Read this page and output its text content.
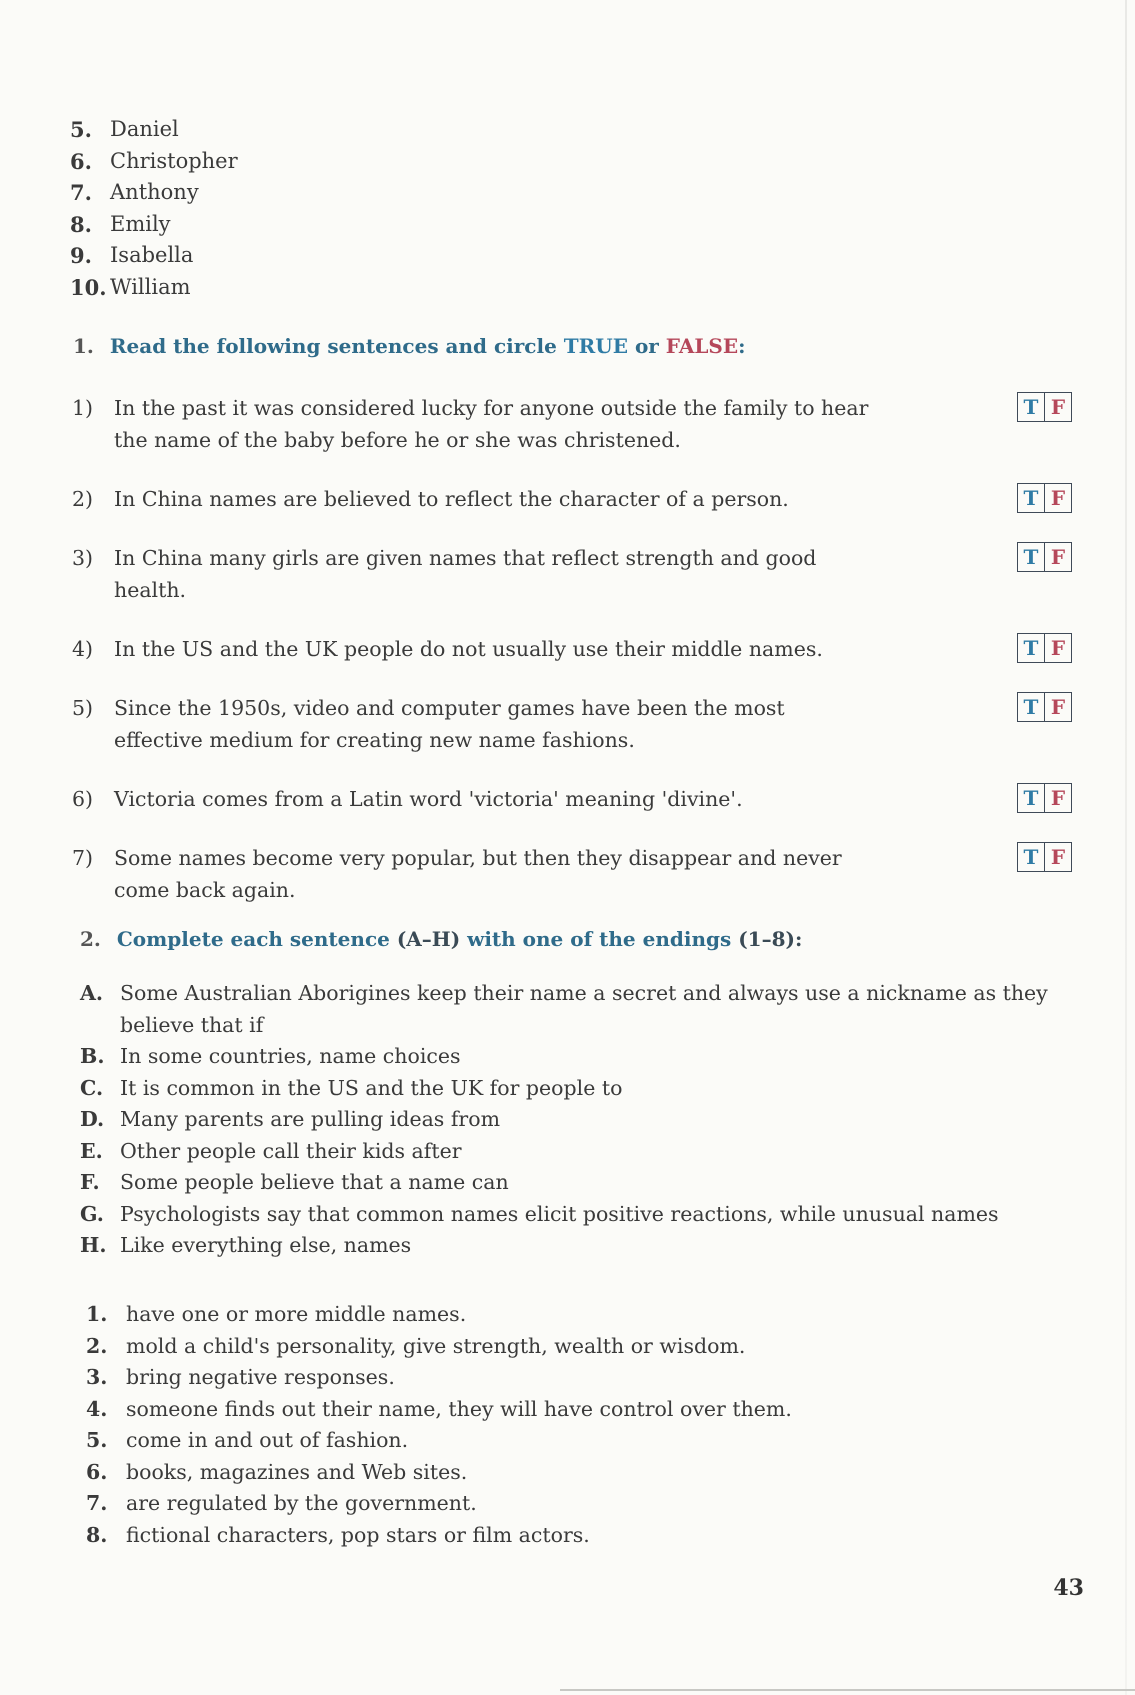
5. Daniel
6. Christopher
7. Anthony
8. Emily
9. Isabella
10. William
1. Read the following sentences and circle TRUE or FALSE:
1)	In the past it was considered lucky for anyone outside the family to hear the name of the baby before he or she was christened.
T F
2)	In China names are believed to reflect the character of a person.	T F
3)	In China many girls are given names that reflect strength and good health.
T F
4)	In the US and the UK people do not usually use their middle names.	T F
5)	Since the 1950s, video and computer games have been the most effective medium for creating new name fashions.
T F
6)	Victoria comes from a Latin word 'victoria' meaning 'divine'.	T F
7)	Some names become very popular, but then they disappear and never come back again.
T F
2. Complete each sentence (A–H) with one of the endings (1–8):
A. Some Australian Aborigines keep their name a secret and always use a nickname as they believe that if
B. In some countries, name choices
C. It is common in the US and the UK for people to
D. Many parents are pulling ideas from
E. Other people call their kids after
F. Some people believe that a name can
G. Psychologists say that common names elicit positive reactions, while unusual names
H. Like everything else, names
1. have one or more middle names.
2. mold a child's personality, give strength, wealth or wisdom.
3. bring negative responses.
4. someone finds out their name, they will have control over them.
5. come in and out of fashion.
6. books, magazines and Web sites.
7. are regulated by the government.
8. fictional characters, pop stars or film actors.
43
